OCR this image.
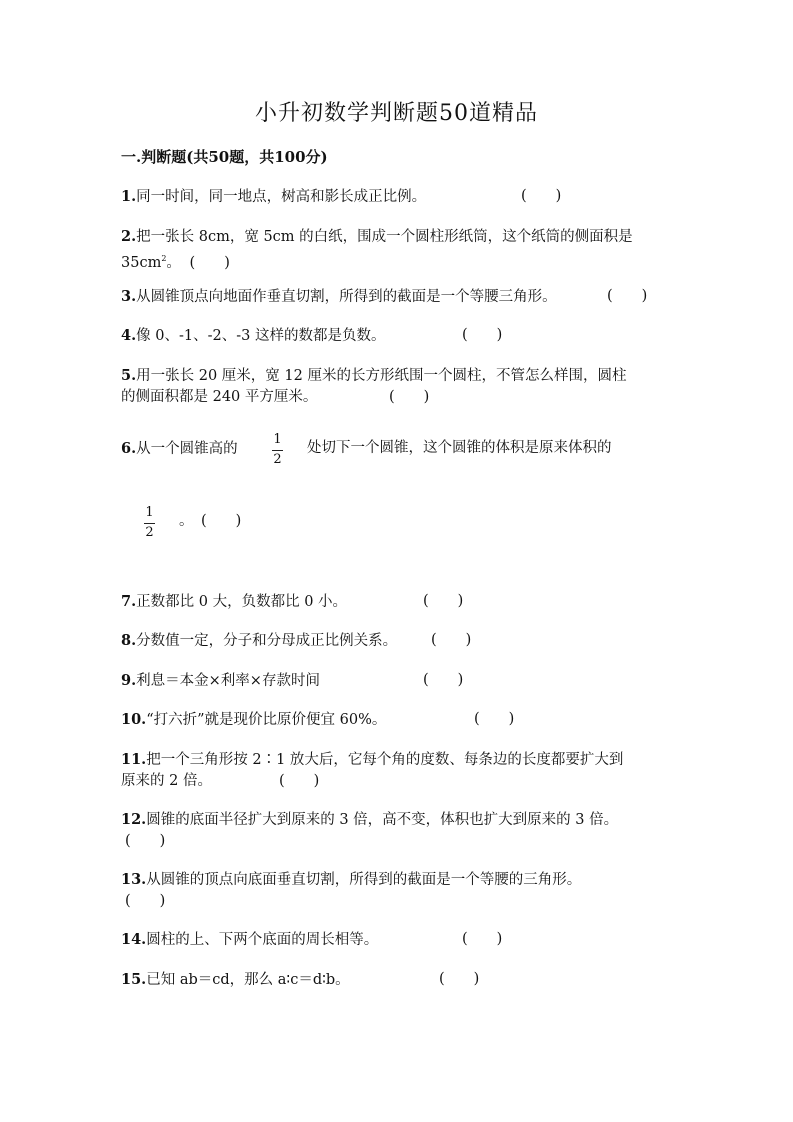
小升初数学判断题50道精品
一.判断题(共50题，共100分)
1.同一时间，同一地点，树高和影长成正比例。	(　　)
2.把一张长 8cm，宽 5cm 的白纸，围成一个圆柱形纸筒，这个纸筒的侧面积是
$35cm^2$。 (　　)
3.从圆锥顶点向地面作垂直切割，所得到的截面是一个等腰三角形。	(　　)
4.像 0、-1、-2、-3 这样的数都是负数。	(　　)
5.用一张长 20 厘米，宽 12 厘米的长方形纸围一个圆柱，不管怎么样围，圆柱
的侧面积都是 240 平方厘米。	(　　)
6.从一个圆锥高的
1
2
处切下一个圆锥，这个圆锥的体积是原来体积的
1
2
。 (　　)
7.正数都比 0 大，负数都比 0 小。	(　　)
8.分数值一定，分子和分母成正比例关系。 (　　)
9.利息＝本金×利率×存款时间	(　　)
10.“打六折”就是现价比原价便宜 60%。	(　　)
11.把一个三角形按 2∶1 放大后，它每个角的度数、每条边的长度都要扩大到
原来的 2 倍。	(　　)
12.圆锥的底面半径扩大到原来的 3 倍，高不变，体积也扩大到原来的 3 倍。
(　　)
13.从圆锥的顶点向底面垂直切割，所得到的截面是一个等腰的三角形。
(　　)
14.圆柱的上、下两个底面的周长相等。	(　　)
15.已知 ab＝cd，那么 a∶c＝d∶b。	(　　)
